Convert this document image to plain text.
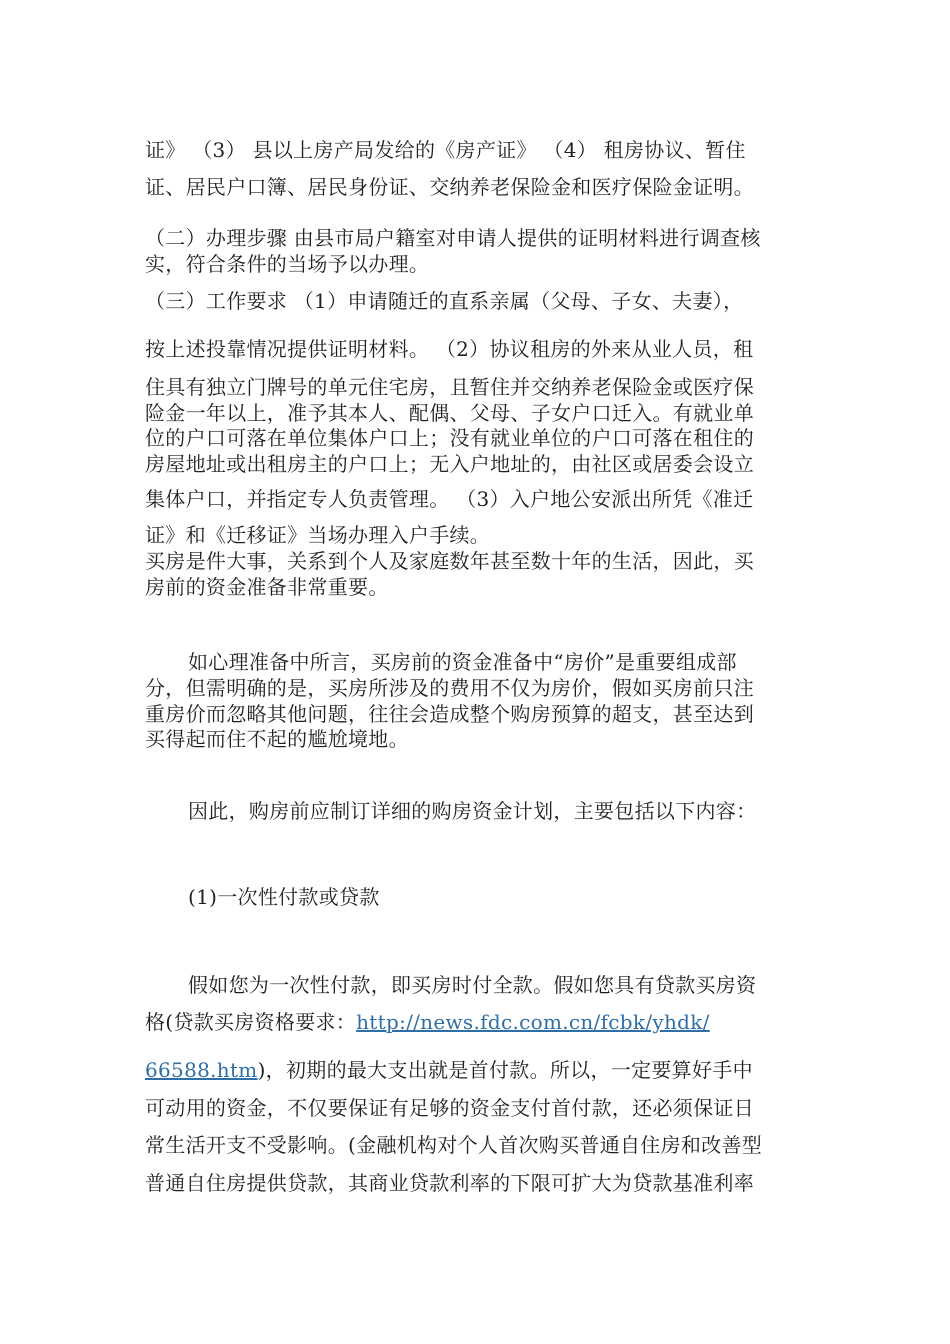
证》 （3） 县以上房产局发给的《房产证》 （4） 租房协议、暂住
证、居民户口簿、居民身份证、交纳养老保险金和医疗保险金证明。
（二）办理步骤 由县市局户籍室对申请人提供的证明材料进行调查核
实，符合条件的当场予以办理。
（三）工作要求 （1）申请随迁的直系亲属（父母、子女、夫妻），
按上述投靠情况提供证明材料。 （2）协议租房的外来从业人员，租
住具有独立门牌号的单元住宅房，且暂住并交纳养老保险金或医疗保
险金一年以上，准予其本人、配偶、父母、子女户口迁入。有就业单
位的户口可落在单位集体户口上；没有就业单位的户口可落在租住的
房屋地址或出租房主的户口上；无入户地址的，由社区或居委会设立
集体户口，并指定专人负责管理。 （3）入户地公安派出所凭《准迁
证》和《迁移证》当场办理入户手续。
买房是件大事，关系到个人及家庭数年甚至数十年的生活，因此，买
房前的资金准备非常重要。
如心理准备中所言，买房前的资金准备中“房价”是重要组成部
分，但需明确的是，买房所涉及的费用不仅为房价，假如买房前只注
重房价而忽略其他问题，往往会造成整个购房预算的超支，甚至达到
买得起而住不起的尴尬境地。
因此，购房前应制订详细的购房资金计划，主要包括以下内容：
(1)一次性付款或贷款
假如您为一次性付款，即买房时付全款。假如您具有贷款买房资
格(贷款买房资格要求：http://news.fdc.com.cn/fcbk/yhdk/
66588.htm)，初期的最大支出就是首付款。所以，一定要算好手中
可动用的资金，不仅要保证有足够的资金支付首付款，还必须保证日
常生活开支不受影响。(金融机构对个人首次购买普通自住房和改善型
普通自住房提供贷款，其商业贷款利率的下限可扩大为贷款基准利率
